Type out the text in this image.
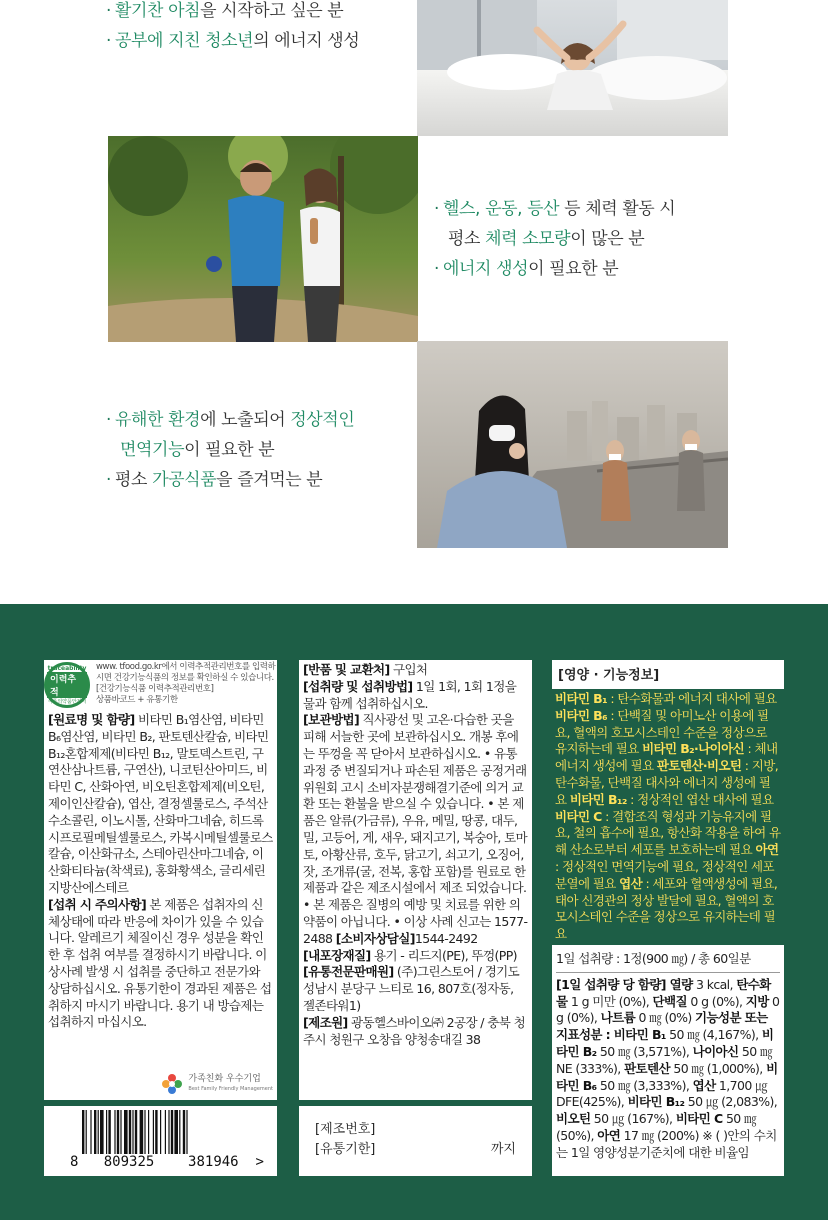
· 활기찬 아침을 시작하고 싶은 분
· 공부에 지친 청소년의 에너지 생성
· 헬스, 운동, 등산 등 체력 활동 시
평소 체력 소모량이 많은 분
· 에너지 생성이 필요한 분
· 유해한 환경에 노출되어 정상적인
면역기능이 필요한 분
· 평소 가공식품을 즐겨먹는 분
traceability
이력추적
식품의약품안전처
www. tfood.go.kr에서 이력추적관리번호를 입력하시면 건강기능식품의 정보를 확인하실 수 있습니다.
[건강기능식품 이력추적관리번호]
상품바코드 + 유통기한
[원료명 및 함량] 비타민 B₁염산염, 비타민 B₆염산염, 비타민 B₂, 판토텐산칼슘, 비타민 B₁₂혼합제제(비타민 B₁₂, 말토덱스트린, 구연산삼나트륨, 구연산), 니코틴산아미드, 비타민 C, 산화아연, 비오틴혼합제제(비오틴, 제이인산칼슘), 엽산, 결정셀룰로스, 주석산수소콜린, 이노시톨, 산화마그네슘, 히드록시프로필메틸셀룰로스, 카복시메틸셀룰로스칼슘, 이산화규소, 스테아린산마그네슘, 이산화티타늄(착색료), 홍화황색소, 글리세린지방산에스테르
[섭취 시 주의사항] 본 제품은 섭취자의 신체상태에 따라 반응에 차이가 있을 수 있습니다. 알레르기 체질이신 경우 성분을 확인한 후 섭취 여부를 결정하시기 바랍니다. 이상사례 발생 시 섭취를 중단하고 전문가와 상담하십시오. 유통기한이 경과된 제품은 섭취하지 마시기 바랍니다. 용기 내 방습제는 섭취하지 마십시오.
가족친화 우수기업
Best Family Friendly Management
8 809325 381946 >
[반품 및 교환처] 구입처
[섭취량 및 섭취방법] 1일 1회, 1회 1정을 물과 함께 섭취하십시오.
[보관방법] 직사광선 및 고온·다습한 곳을 피해 서늘한 곳에 보관하십시오. 개봉 후에는 뚜껑을 꼭 닫아서 보관하십시오. • 유통과정 중 변질되거나 파손된 제품은 공정거래위원회 고시 소비자분쟁해결기준에 의거 교환 또는 환불을 받으실 수 있습니다. • 본 제품은 알류(가금류), 우유, 메밀, 땅콩, 대두, 밀, 고등어, 게, 새우, 돼지고기, 복숭아, 토마토, 아황산류, 호두, 닭고기, 쇠고기, 오징어, 잣, 조개류(굴, 전복, 홍합 포함)를 원료로 한 제품과 같은 제조시설에서 제조 되었습니다. • 본 제품은 질병의 예방 및 치료를 위한 의약품이 아닙니다. • 이상 사례 신고는 1577-2488 [소비자상담실]1544-2492
[내포장재질] 용기 - 리드지(PE), 뚜껑(PP)
[유통전문판매원] (주)그린스토어 / 경기도 성남시 분당구 느티로 16, 807호(정자동, 젤존타워1)
[제조원] 광동헬스바이오㈜ 2공장 / 충북 청주시 청원구 오창읍 양청송대길 38
[제조번호]
[유통기한]	까지
[영양 · 기능정보]
비타민 B₁ : 탄수화물과 에너지 대사에 필요 비타민 B₆ : 단백질 및 아미노산 이용에 필요, 혈액의 호모시스테인 수준을 정상으로 유지하는데 필요 비타민 B₂·나이아신 : 체내 에너지 생성에 필요 판토텐산·비오틴 : 지방, 탄수화물, 단백질 대사와 에너지 생성에 필요 비타민 B₁₂ : 정상적인 엽산 대사에 필요 비타민 C : 결합조직 형성과 기능유지에 필요, 철의 흡수에 필요, 항산화 작용을 하여 유해 산소로부터 세포를 보호하는데 필요 아연 : 정상적인 면역기능에 필요, 정상적인 세포 분열에 필요 엽산 : 세포와 혈액생성에 필요, 태아 신경관의 정상 발달에 필요, 혈액의 호모시스테인 수준을 정상으로 유지하는데 필요
1일 섭취량 : 1정(900 ㎎) / 총 60일분
[1일 섭취량 당 함량] 열량 3 kcal, 탄수화물 1 g 미만 (0%), 단백질 0 g (0%), 지방 0 g (0%), 나트륨 0 ㎎ (0%) 기능성분 또는 지표성분 : 비타민 B₁ 50 ㎎ (4,167%), 비타민 B₂ 50 ㎎ (3,571%), 나이아신 50 ㎎ NE (333%), 판토텐산 50 ㎎ (1,000%), 비타민 B₆ 50 ㎎ (3,333%), 엽산 1,700 ㎍ DFE(425%), 비타민 B₁₂ 50 ㎍ (2,083%), 비오틴 50 ㎍ (167%), 비타민 C 50 ㎎ (50%), 아연 17 ㎎ (200%) ※ ( )안의 수치는 1일 영양성분기준치에 대한 비율임
